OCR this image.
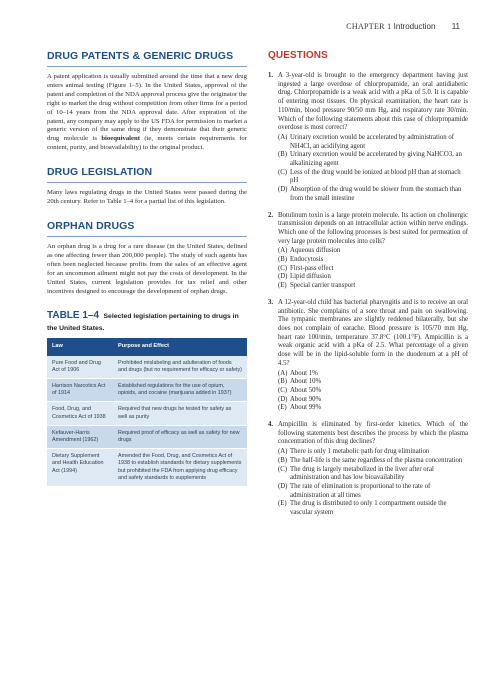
CHAPTER 1 Introduction 11
DRUG PATENTS & GENERIC DRUGS

A patent application is usually submitted around the time that a new drug enters animal testing (Figure 1–5). In the United States, approval of the patent and completion of the NDA approval process give the originator the right to market the drug without competition from other firms for a period of 10–14 years from the NDA approval date. After expiration of the patent, any company may apply to the US FDA for permission to market a generic version of the same drug if they demonstrate that their generic drug molecule is bioequivalent (ie, meets certain requirements for content, purity, and bioavailability) to the original product.

DRUG LEGISLATION

Many laws regulating drugs in the United States were passed during the 20th century. Refer to Table 1–4 for a partial list of this legislation.

ORPHAN DRUGS

An orphan drug is a drug for a rare disease (in the United States, defined as one affecting fewer than 200,000 people). The study of such agents has often been neglected because profits from the sales of an effective agent for an uncommon ailment might not pay the costs of development. In the United States, current legislation provides for tax relief and other incentives designed to encourage the development of orphan drugs.

TABLE 1–4 Selected legislation pertaining to drugs in the United States.
Law	Purpose and Effect
Pure Food and Drug Act of 1906	Prohibited mislabeling and adulteration of foods and drugs (but no requirement for efficacy or safety)
Harrison Narcotics Act of 1914	Established regulations for the use of opium, opioids, and cocaine (marijuana added in 1937)
Food, Drug, and Cosmetics Act of 1938	Required that new drugs be tested for safety as well as purity
Kefauver-Harris Amendment (1962)	Required proof of efficacy as well as safety for new drugs
Dietary Supplement and Health Education Act (1994)	Amended the Food, Drug, and Cosmetics Act of 1938 to establish standards for dietary supplements but prohibited the FDA from applying drug efficacy and safety standards to supplements
QUESTIONS
1. A 3-year-old is brought to the emergency department having just ingested a large overdose of chlorpropamide, an oral antidiabetic drug. Chlorpropamide is a weak acid with a pKa of 5.0. It is capable of entering most tissues. On physical examination, the heart rate is 110/min, blood pressure 90/50 mm Hg, and respiratory rate 30/min. Which of the following statements about this case of chlorpropamide overdose is most correct?
(A) Urinary excretion would be accelerated by administration of NH4Cl, an acidifying agent
(B) Urinary excretion would be accelerated by giving NaHCO3, an alkalinizing agent
(C) Less of the drug would be ionized at blood pH than at stomach pH
(D) Absorption of the drug would be slower from the stomach than from the small intestine
2. Botulinum toxin is a large protein molecule. Its action on cholinergic transmission depends on an intracellular action within nerve endings. Which one of the following processes is best suited for permeation of very large protein molecules into cells?
(A) Aqueous diffusion
(B) Endocytosis
(C) First-pass effect
(D) Lipid diffusion
(E) Special carrier transport
3. A 12-year-old child has bacterial pharyngitis and is to receive an oral antibiotic. She complains of a sore throat and pain on swallowing. The tympanic membranes are slightly reddened bilaterally, but she does not complain of earache. Blood pressure is 105/70 mm Hg, heart rate 100/min, temperature 37.8°C (100.1°F). Ampicillin is a weak organic acid with a pKa of 2.5. What percentage of a given dose will be in the lipid-soluble form in the duodenum at a pH of 4.5?
(A) About 1%
(B) About 10%
(C) About 50%
(D) About 90%
(E) About 99%
4. Ampicillin is eliminated by first-order kinetics. Which of the following statements best describes the process by which the plasma concentration of this drug declines?
(A) There is only 1 metabolic path for drug elimination
(B) The half-life is the same regardless of the plasma concentration
(C) The drug is largely metabolized in the liver after oral administration and has low bioavailability
(D) The rate of elimination is proportional to the rate of administration at all times
(E) The drug is distributed to only 1 compartment outside the vascular system
